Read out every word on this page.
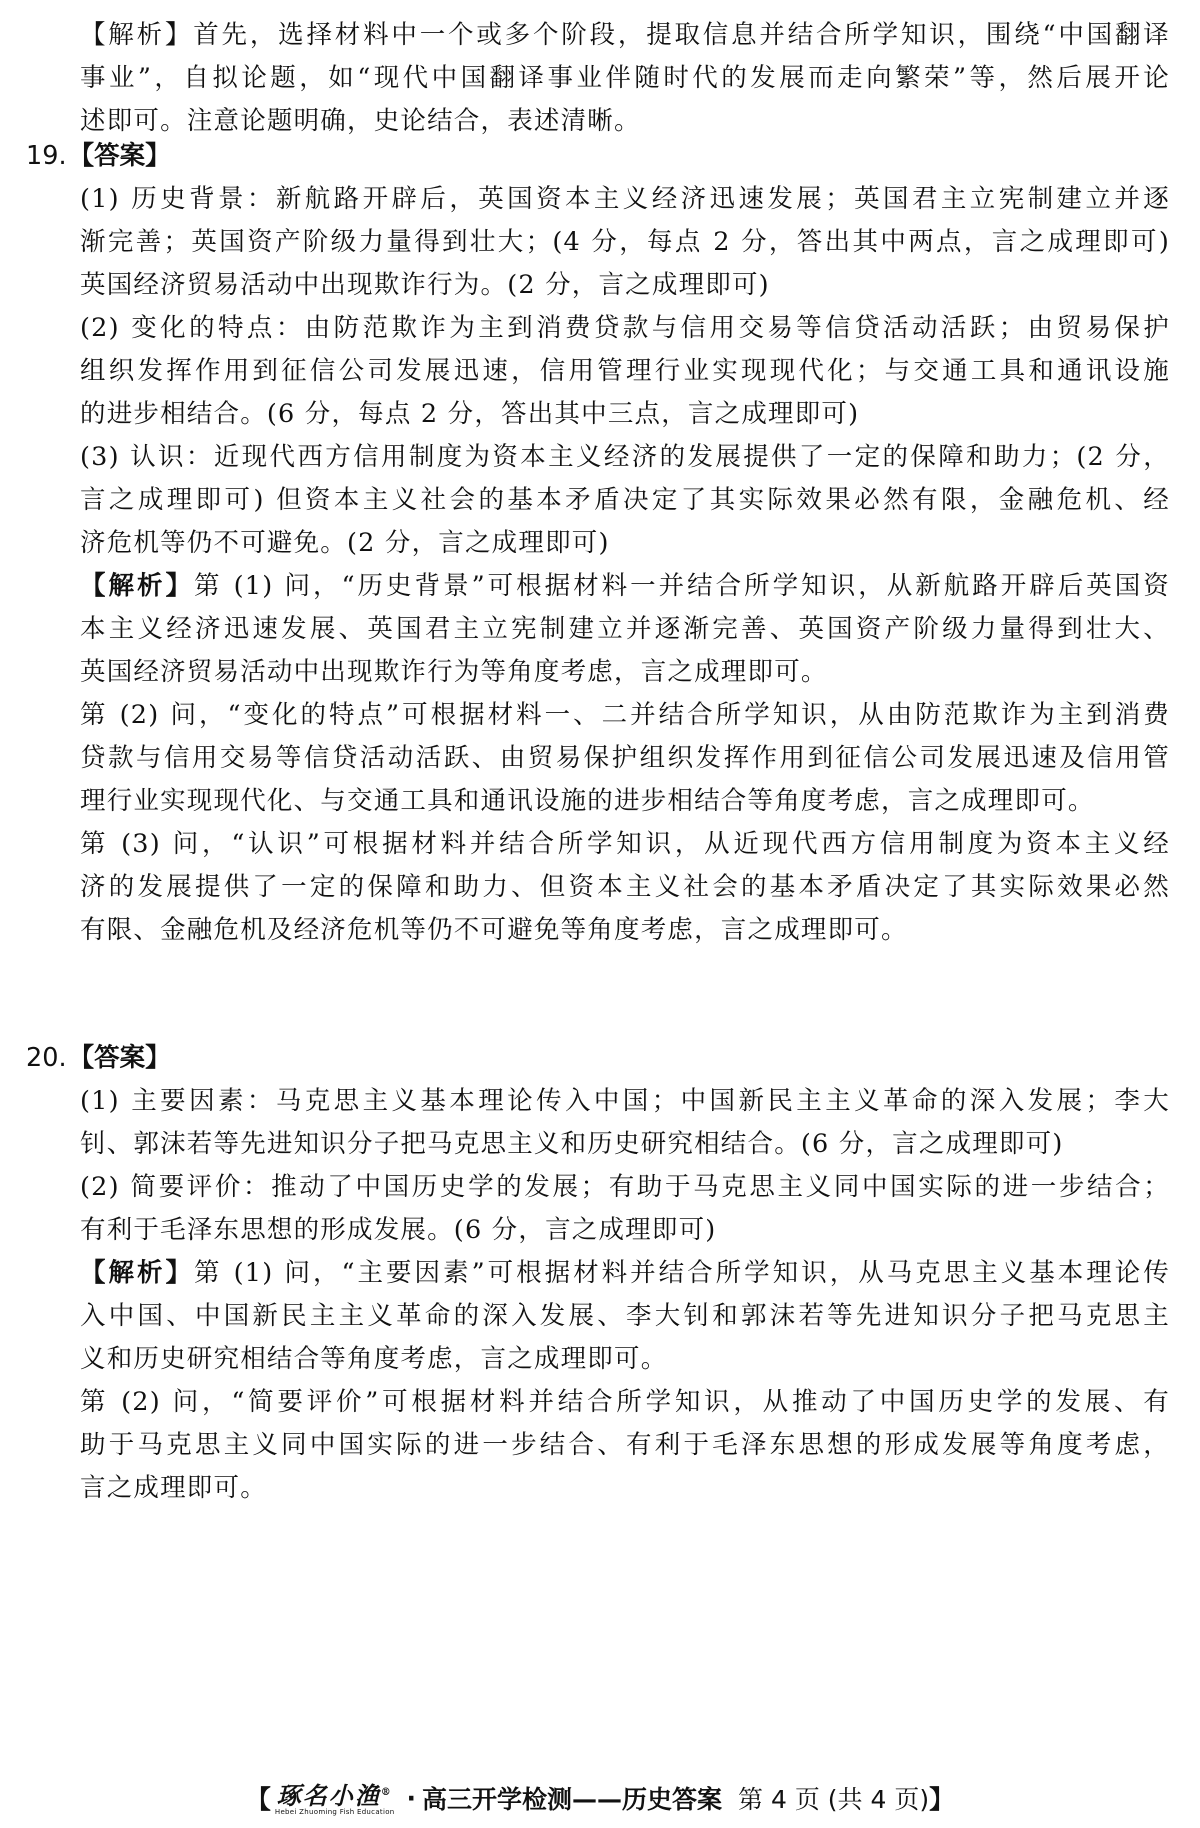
【解析】首先，选择材料中一个或多个阶段，提取信息并结合所学知识，围绕“中国翻译
事业”，自拟论题，如“现代中国翻译事业伴随时代的发展而走向繁荣”等，然后展开论
述即可。注意论题明确，史论结合，表述清晰。
19.【答案】
(1) 历史背景：新航路开辟后，英国资本主义经济迅速发展；英国君主立宪制建立并逐
渐完善；英国资产阶级力量得到壮大；(4 分，每点 2 分，答出其中两点，言之成理即可)
英国经济贸易活动中出现欺诈行为。(2 分，言之成理即可)
(2) 变化的特点：由防范欺诈为主到消费贷款与信用交易等信贷活动活跃；由贸易保护
组织发挥作用到征信公司发展迅速，信用管理行业实现现代化；与交通工具和通讯设施
的进步相结合。(6 分，每点 2 分，答出其中三点，言之成理即可)
(3) 认识：近现代西方信用制度为资本主义经济的发展提供了一定的保障和助力；(2 分，
言之成理即可) 但资本主义社会的基本矛盾决定了其实际效果必然有限，金融危机、经
济危机等仍不可避免。(2 分，言之成理即可)
【解析】第 (1) 问，“历史背景”可根据材料一并结合所学知识，从新航路开辟后英国资
本主义经济迅速发展、英国君主立宪制建立并逐渐完善、英国资产阶级力量得到壮大、
英国经济贸易活动中出现欺诈行为等角度考虑，言之成理即可。
第 (2) 问，“变化的特点”可根据材料一、二并结合所学知识，从由防范欺诈为主到消费
贷款与信用交易等信贷活动活跃、由贸易保护组织发挥作用到征信公司发展迅速及信用管
理行业实现现代化、与交通工具和通讯设施的进步相结合等角度考虑，言之成理即可。
第 (3) 问，“认识”可根据材料并结合所学知识，从近现代西方信用制度为资本主义经
济的发展提供了一定的保障和助力、但资本主义社会的基本矛盾决定了其实际效果必然
有限、金融危机及经济危机等仍不可避免等角度考虑，言之成理即可。
20.【答案】
(1) 主要因素：马克思主义基本理论传入中国；中国新民主主义革命的深入发展；李大
钊、郭沫若等先进知识分子把马克思主义和历史研究相结合。(6 分，言之成理即可)
(2) 简要评价：推动了中国历史学的发展；有助于马克思主义同中国实际的进一步结合；
有利于毛泽东思想的形成发展。(6 分，言之成理即可)
【解析】第 (1) 问，“主要因素”可根据材料并结合所学知识，从马克思主义基本理论传
入中国、中国新民主主义革命的深入发展、李大钊和郭沫若等先进知识分子把马克思主
义和历史研究相结合等角度考虑，言之成理即可。
第 (2) 问，“简要评价”可根据材料并结合所学知识，从推动了中国历史学的发展、有
助于马克思主义同中国实际的进一步结合、有利于毛泽东思想的形成发展等角度考虑，
言之成理即可。
【 琢名小渔®
Hebei Zhuoming Fish Education · 高三开学检测——历史答案 第 4 页 (共 4 页) 】
